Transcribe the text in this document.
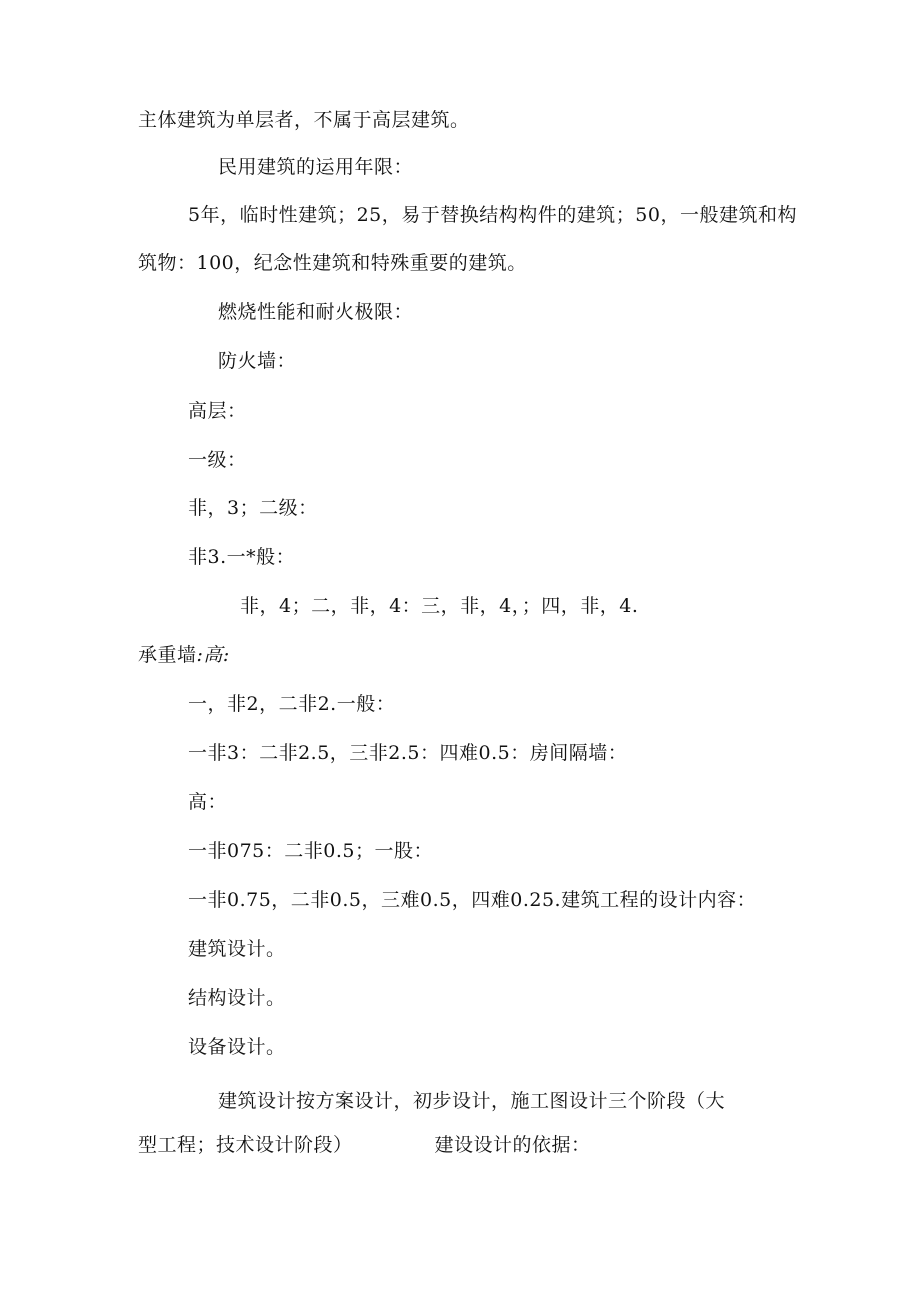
主体建筑为单层者，不属于高层建筑。
民用建筑的运用年限：
5年，临时性建筑；25，易于替换结构构件的建筑；50，一般建筑和构
筑物：100，纪念性建筑和特殊重要的建筑。
燃烧性能和耐火极限：
防火墙：
高层：
一级：
非，3；二级：
非3.一*般：
非，4；二，非，4：三，非，4，；四，非，4.
承重墙:高:
一，非2，二非2.一般：
一非3：二非2.5，三非2.5：四难0.5：房间隔墙：
高：
一非075：二非0.5；一股：
一非0.75，二非0.5，三难0.5，四难0.25.建筑工程的设计内容：
建筑设计。
结构设计。
设备设计。
建筑设计按方案设计，初步设计，施工图设计三个阶段（大
型工程；技术设计阶段）	建设设计的依据：
